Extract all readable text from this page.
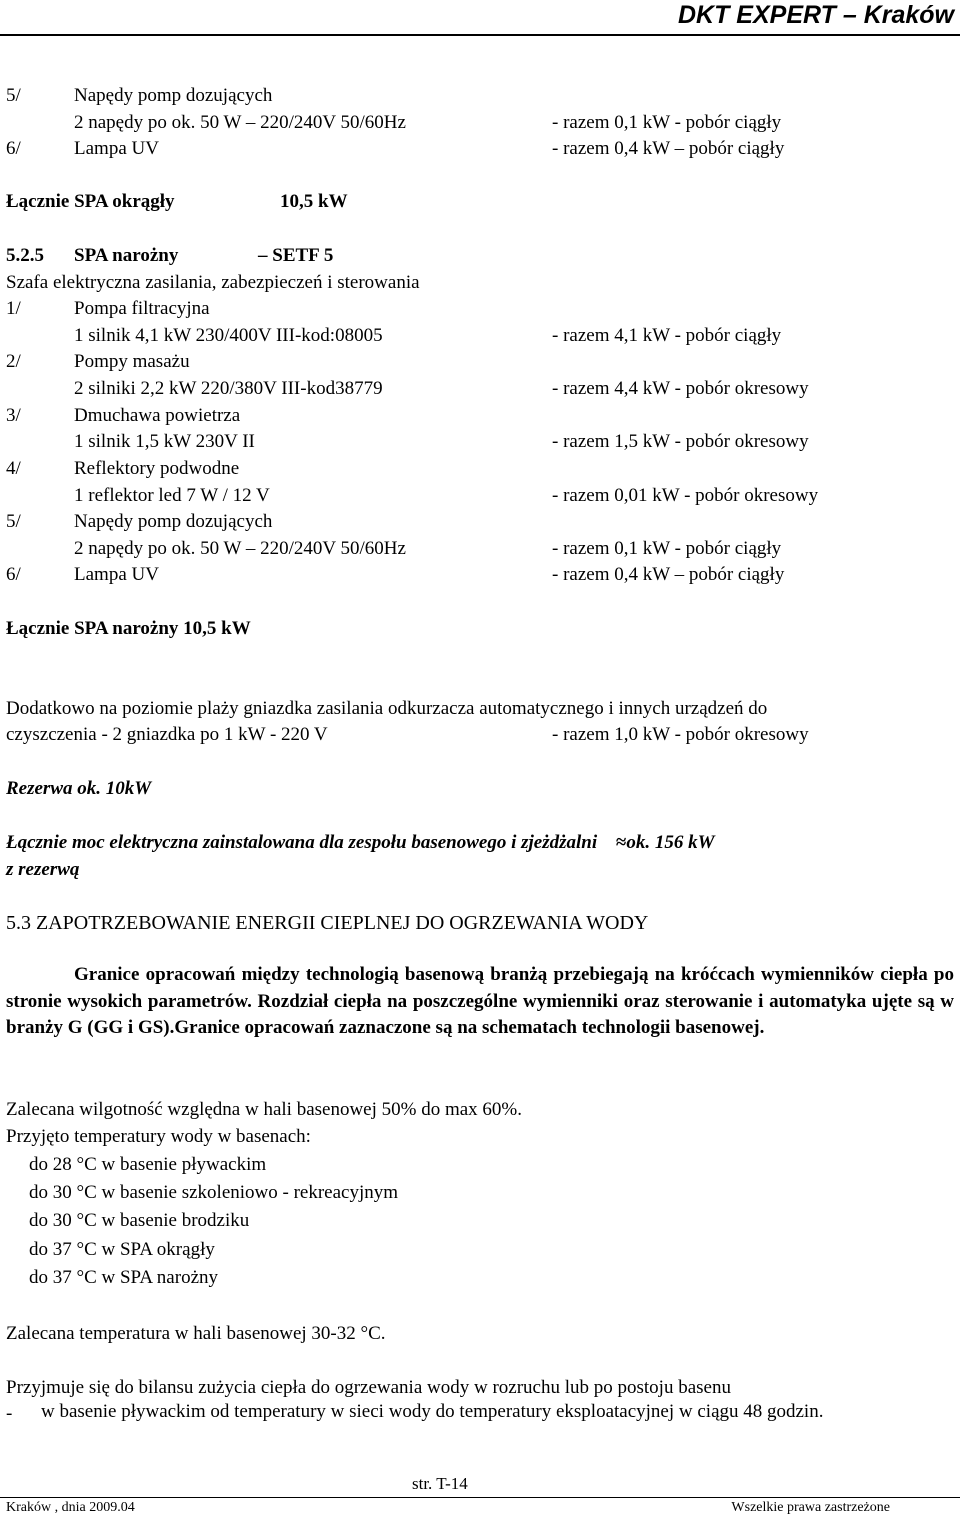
DKT EXPERT – Kraków
5/	Napędy pomp dozujących
2 napędy po ok. 50 W – 220/240V 50/60Hz	- razem 0,1 kW - pobór ciągły
6/	Lampa UV	- razem 0,4 kW – pobór ciągły
Łącznie SPA okrągły	10,5 kW
5.2.5 SPA narożny	– SETF 5
Szafa elektryczna zasilania, zabezpieczeń i sterowania
1/	Pompa filtracyjna
1 silnik 4,1 kW 230/400V III-kod:08005	- razem 4,1 kW - pobór ciągły
2/	Pompy masażu
2 silniki 2,2 kW 220/380V III-kod38779	- razem 4,4 kW - pobór okresowy
3/	Dmuchawa powietrza
1 silnik 1,5 kW 230V II	- razem 1,5 kW - pobór okresowy
4/	Reflektory podwodne
1 reflektor led 7 W / 12 V	- razem 0,01 kW - pobór okresowy
5/	Napędy pomp dozujących
2 napędy po ok. 50 W – 220/240V 50/60Hz	- razem 0,1 kW - pobór ciągły
6/	Lampa UV	- razem 0,4 kW – pobór ciągły
Łącznie SPA narożny 10,5 kW
Dodatkowo na poziomie plaży gniazdka zasilania odkurzacza automatycznego i innych urządzeń do
czyszczenia - 2 gniazdka po 1 kW - 220 V	- razem 1,0 kW - pobór okresowy
Rezerwa ok. 10kW
Łącznie moc elektryczna zainstalowana dla zespołu basenowego i zjeżdżalni ≈ok. 156 kW
z rezerwą
5.3 ZAPOTRZEBOWANIE ENERGII CIEPLNEJ DO OGRZEWANIA WODY
Granice opracowań między technologią basenową branżą przebiegają na króćcach wymienników ciepła po stronie wysokich parametrów. Rozdział ciepła na poszczególne wymienniki oraz sterowanie i automatyka ujęte są w branży G (GG i GS).Granice opracowań zaznaczone są na schematach technologii basenowej.
Zalecana wilgotność względna w hali basenowej 50% do max 60%.
Przyjęto temperatury wody w basenach:
do 28 °C w basenie pływackim
do 30 °C w basenie szkoleniowo - rekreacyjnym
do 30 °C w basenie brodziku
do 37 °C w SPA okrągły
do 37 °C w SPA narożny
Zalecana temperatura w hali basenowej 30-32 °C.
Przyjmuje się do bilansu zużycia ciepła do ogrzewania wody w rozruchu lub po postoju basenu
- w basenie pływackim od temperatury w sieci wody do temperatury eksploatacyjnej w ciągu 48 godzin.
str. T-14
Kraków , dnia 2009.04	Wszelkie prawa zastrzeżone
